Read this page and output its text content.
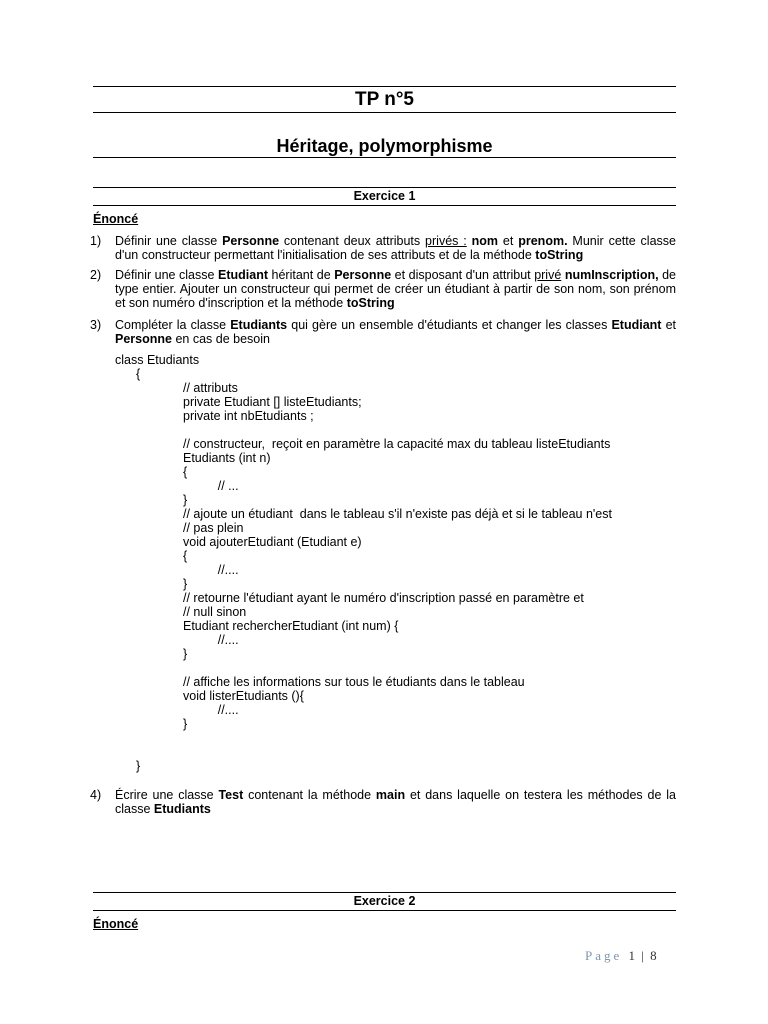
TP n°5
Héritage, polymorphisme
Exercice 1
Énoncé
1)	Définir une classe Personne contenant deux attributs privés : nom et prenom. Munir cette classe d'un constructeur permettant l'initialisation de ses attributs et de la méthode toString
2)	Définir une classe Etudiant héritant de Personne et disposant d'un attribut privé numInscription, de type entier. Ajouter un constructeur qui permet de créer un étudiant à partir de son nom, son prénom et son numéro d'inscription et la méthode toString
3)	Compléter la classe Etudiants qui gère un ensemble d'étudiants et changer les classes Etudiant et Personne en cas de besoin
class Etudiants
{
// attributs
private Etudiant [] listeEtudiants;
private int nbEtudiants ;

// constructeur,  reçoit en paramètre la capacité max du tableau listeEtudiants
Etudiants (int n)
{
// ...
}
// ajoute un étudiant  dans le tableau s'il n'existe pas déjà et si le tableau n'est
// pas plein
void ajouterEtudiant (Etudiant e)
{
//....
}
// retourne l'étudiant ayant le numéro d'inscription passé en paramètre et
// null sinon
Etudiant rechercherEtudiant (int num) {
//....
}

// affiche les informations sur tous le étudiants dans le tableau
void listerEtudiants (){
//....
}
}
4)	Écrire une classe Test contenant la méthode main et dans laquelle on testera les méthodes de la classe Etudiants
Exercice 2
Énoncé
Page 1 | 8
